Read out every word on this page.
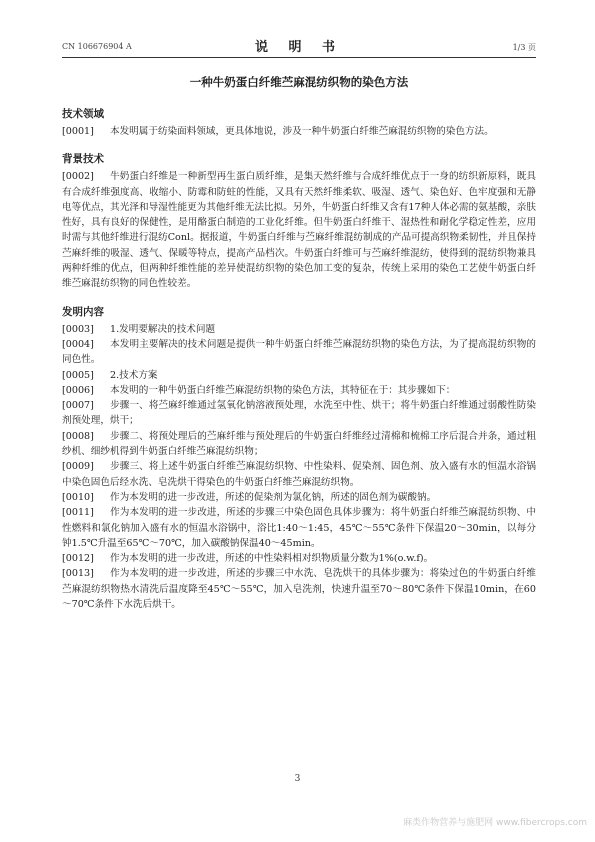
CN 106676904 A	说 明 书	1/3 页
一种牛奶蛋白纤维苎麻混纺织物的染色方法
技术领域

[0001] 本发明属于纺染面料领域，更具体地说，涉及一种牛奶蛋白纤维苎麻混纺织物的染色方法。

背景技术

[0002] 牛奶蛋白纤维是一种新型再生蛋白质纤维，是集天然纤维与合成纤维优点于一身的纺织新原料，既具有合成纤维强度高、收缩小、防霉和防蛀的性能，又具有天然纤维柔软、吸湿、透气、染色好、色牢度强和无静电等优点，其光泽和导湿性能更为其他纤维无法比拟。另外，牛奶蛋白纤维又含有17种人体必需的氨基酸，亲肤性好，具有良好的保健性，是用酪蛋白制造的工业化纤维。但牛奶蛋白纤维干、湿热性和耐化学稳定性差，应用时需与其他纤维进行混纺Conl。据报道，牛奶蛋白纤维与苎麻纤维混纺制成的产品可提高织物柔韧性，并且保持苎麻纤维的吸湿、透气、保暖等特点，提高产品档次。牛奶蛋白纤维可与苎麻纤维混纺，使得到的混纺织物兼具两种纤维的优点，但两种纤维性能的差异使混纺织物的染色加工变的复杂，传统上采用的染色工艺使牛奶蛋白纤维苎麻混纺织物的同色性较差。

发明内容

[0003] 1.发明要解决的技术问题

[0004] 本发明主要解决的技术问题是提供一种牛奶蛋白纤维苎麻混纺织物的染色方法，为了提高混纺织物的同色性。

[0005] 2.技术方案

[0006] 本发明的一种牛奶蛋白纤维苎麻混纺织物的染色方法，其特征在于：其步骤如下：

[0007] 步骤一、将苎麻纤维通过氢氧化钠溶液预处理，水洗至中性、烘干；将牛奶蛋白纤维通过弱酸性防染剂预处理，烘干；

[0008] 步骤二、将预处理后的苎麻纤维与预处理后的牛奶蛋白纤维经过清棉和梳棉工序后混合并条，通过粗纱机、细纱机得到牛奶蛋白纤维苎麻混纺织物；

[0009] 步骤三、将上述牛奶蛋白纤维苎麻混纺织物、中性染料、促染剂、固色剂、放入盛有水的恒温水浴锅中染色固色后经水洗、皂洗烘干得染色的牛奶蛋白纤维苎麻混纺织物。

[0010] 作为本发明的进一步改进，所述的促染剂为氯化钠，所述的固色剂为碳酸钠。

[0011] 作为本发明的进一步改进，所述的步骤三中染色固色具体步骤为：将牛奶蛋白纤维苎麻混纺织物、中性燃料和氯化钠加入盛有水的恒温水浴锅中，浴比1:40～1:45，45℃～55℃条件下保温20～30min，以每分钟1.5℃升温至65℃～70℃，加入碳酸钠保温40～45min。

[0012] 作为本发明的进一步改进，所述的中性染料相对织物质量分数为1%(o.w.f)。

[0013] 作为本发明的进一步改进，所述的步骤三中水洗、皂洗烘干的具体步骤为：将染过色的牛奶蛋白纤维苎麻混纺织物热水清洗后温度降至45℃～55℃，加入皂洗剂，快速升温至70～80℃条件下保温10min，在60～70℃条件下水洗后烘干。

3
麻类作物营养与施肥网 www.fibercrops.com
